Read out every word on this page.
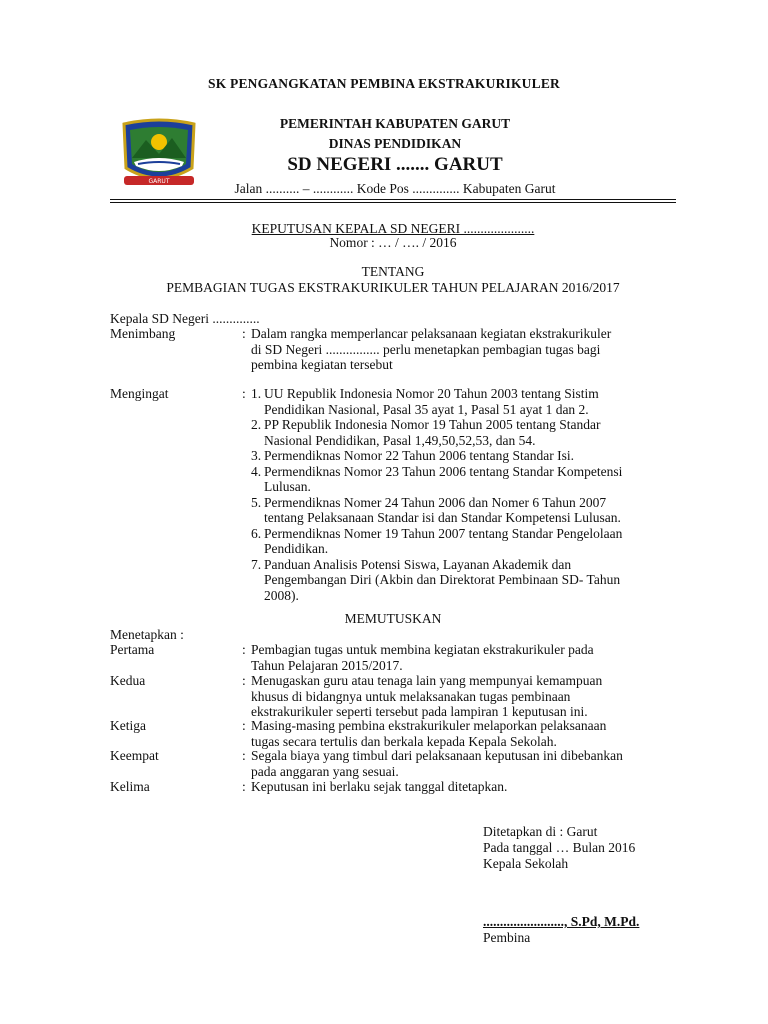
SK PENGANGKATAN PEMBINA EKSTRAKURIKULER
GARUT
PEMERINTAH KABUPATEN GARUT
DINAS PENDIDIKAN
SD NEGERI ....... GARUT
Jalan .......... – ............ Kode Pos .............. Kabupaten Garut
KEPUTUSAN KEPALA SD NEGERI .....................
Nomor : … / …. / 2016
TENTANG
PEMBAGIAN TUGAS EKSTRAKURIKULER TAHUN PELAJARAN 2016/2017
Kepala SD Negeri ..............
Menimbang	: Dalam rangka memperlancar pelaksanaan kegiatan ekstrakurikuler
di SD Negeri ................ perlu menetapkan pembagian tugas bagi
pembina kegiatan tersebut
Mengingat	: 1. UU Republik Indonesia Nomor 20 Tahun 2003 tentang Sistim
Pendidikan Nasional, Pasal 35 ayat 1, Pasal 51 ayat 1 dan 2.
2. PP Republik Indonesia Nomor 19 Tahun 2005 tentang Standar
Nasional Pendidikan, Pasal 1,49,50,52,53, dan 54.
3. Permendiknas Nomor 22 Tahun 2006 tentang Standar Isi.
4. Permendiknas Nomor 23 Tahun 2006 tentang Standar Kompetensi
Lulusan.
5. Permendiknas Nomer 24 Tahun 2006 dan Nomer 6 Tahun 2007
tentang Pelaksanaan Standar isi dan Standar Kompetensi Lulusan.
6. Permendiknas Nomer 19 Tahun 2007 tentang Standar Pengelolaan
Pendidikan.
7. Panduan Analisis Potensi Siswa, Layanan Akademik dan
Pengembangan Diri (Akbin dan Direktorat Pembinaan SD- Tahun
2008).
MEMUTUSKAN
Menetapkan :
Pertama	: Pembagian tugas untuk membina kegiatan ekstrakurikuler pada
Tahun Pelajaran 2015/2017.
Kedua	: Menugaskan guru atau tenaga lain yang mempunyai kemampuan
khusus di bidangnya untuk melaksanakan tugas pembinaan
ekstrakurikuler seperti tersebut pada lampiran 1 keputusan ini.
Ketiga	: Masing-masing pembina ekstrakurikuler melaporkan pelaksanaan
tugas secara tertulis dan berkala kepada Kepala Sekolah.
Keempat	: Segala biaya yang timbul dari pelaksanaan keputusan ini dibebankan
pada anggaran yang sesuai.
Kelima	: Keputusan ini berlaku sejak tanggal ditetapkan.
Ditetapkan di : Garut
Pada tanggal … Bulan 2016
Kepala Sekolah
........................, S.Pd, M.Pd.
Pembina
